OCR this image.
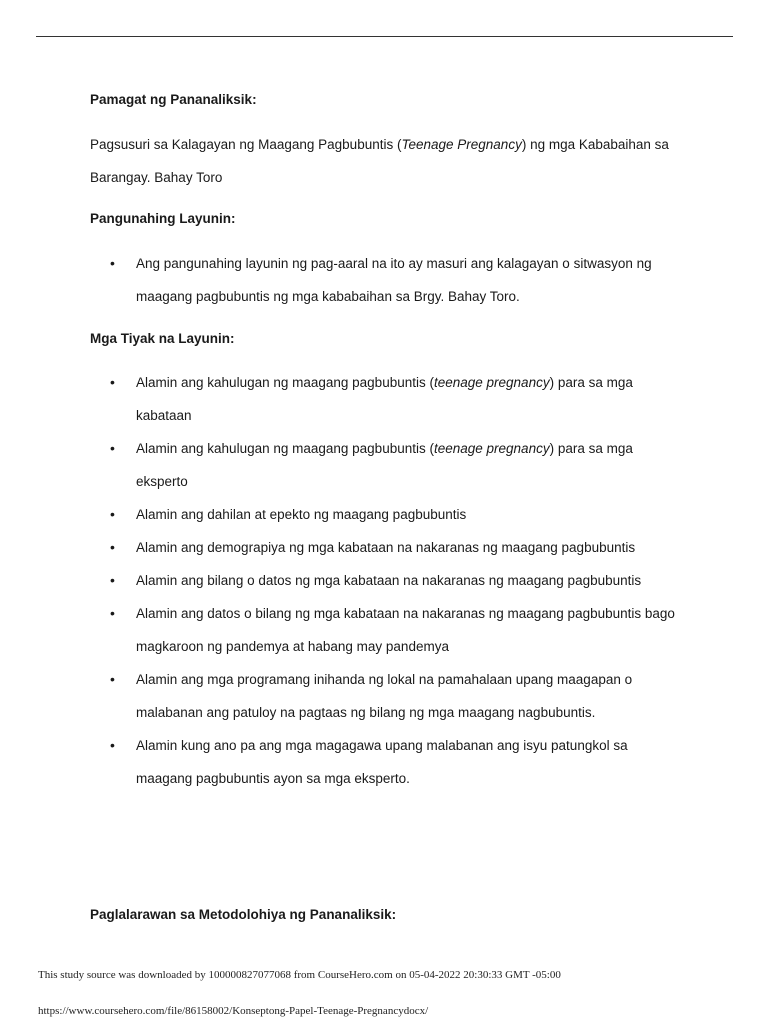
Pamagat ng Pananaliksik:

Pagsusuri sa Kalagayan ng Maagang Pagbubuntis (Teenage Pregnancy) ng mga Kababaihan sa Barangay. Bahay Toro

Pangunahing Layunin:
• Ang pangunahing layunin ng pag-aaral na ito ay masuri ang kalagayan o sitwasyon ng maagang pagbubuntis ng mga kababaihan sa Brgy. Bahay Toro.
Mga Tiyak na Layunin:
• Alamin ang kahulugan ng maagang pagbubuntis (teenage pregnancy) para sa mga kabataan
• Alamin ang kahulugan ng maagang pagbubuntis (teenage pregnancy) para sa mga eksperto
• Alamin ang dahilan at epekto ng maagang pagbubuntis
• Alamin ang demograpiya ng mga kabataan na nakaranas ng maagang pagbubuntis
• Alamin ang bilang o datos ng mga kabataan na nakaranas ng maagang pagbubuntis
• Alamin ang datos o bilang ng mga kabataan na nakaranas ng maagang pagbubuntis bago magkaroon ng pandemya at habang may pandemya
• Alamin ang mga programang inihanda ng lokal na pamahalaan upang maagapan o malabanan ang patuloy na pagtaas ng bilang ng mga maagang nagbubuntis.
• Alamin kung ano pa ang mga magagawa upang malabanan ang isyu patungkol sa maagang pagbubuntis ayon sa mga eksperto.
Paglalarawan sa Metodolohiya ng Pananaliksik:
This study source was downloaded by 100000827077068 from CourseHero.com on 05-04-2022 20:30:33 GMT -05:00
https://www.coursehero.com/file/86158002/Konseptong-Papel-Teenage-Pregnancydocx/
